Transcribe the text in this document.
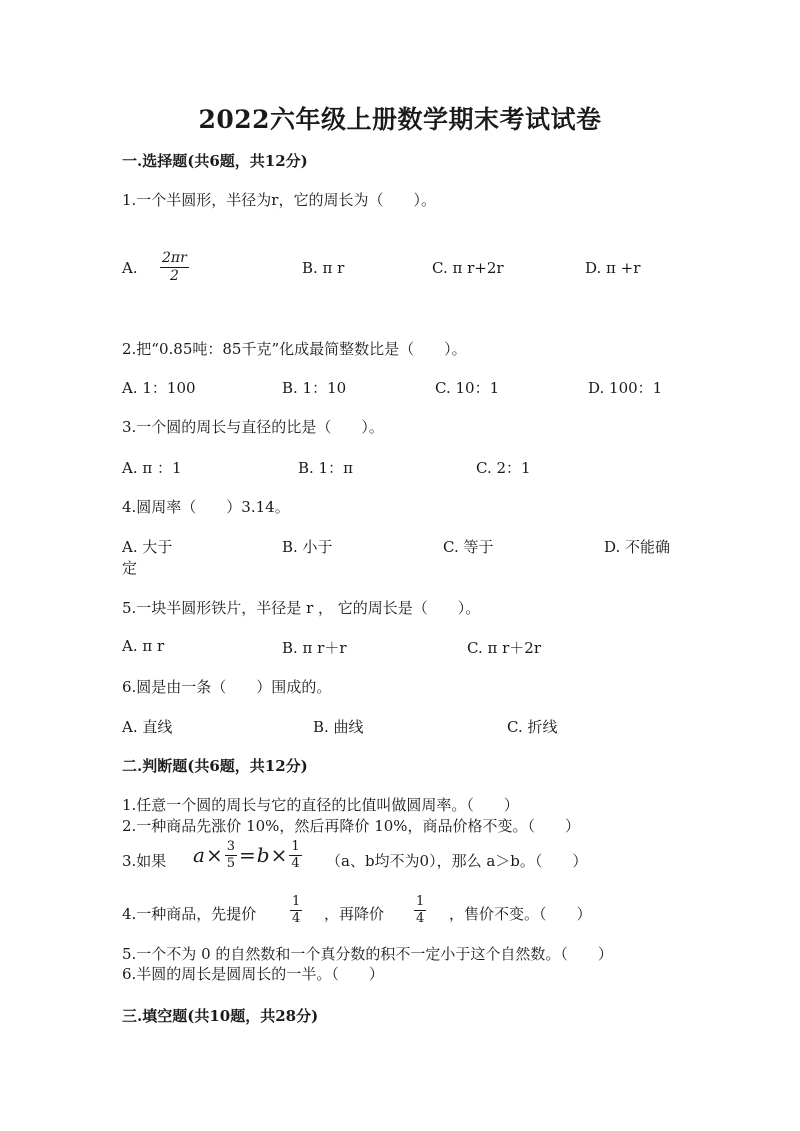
2022六年级上册数学期末考试试卷
一.选择题(共6题，共12分)
1.一个半圆形，半径为r，它的周长为（　　）。
A. $\frac{2\pi r}{2}$	B. π r	C. π r+2r	D. π +r
2.把“0.85吨：85千克”化成最简整数比是（　　）。
A. 1：100	B. 1：10	C. 10：1	D. 100：1
3.一个圆的周长与直径的比是（　　）。
A. π ：1	B. 1：π	C. 2：1
4.圆周率（　　）3.14。
A. 大于	B. 小于	C. 等于	D. 不能确
定
5.一块半圆形铁片，半径是 r ， 它的周长是（　　）。
A. π r	B. π r＋r	C. π r＋2r
6.圆是由一条（　　）围成的。
A. 直线	B. 曲线	C. 折线
二.判断题(共6题，共12分)
1.任意一个圆的周长与它的直径的比值叫做圆周率。（　　）
2.一种商品先涨价 10%，然后再降价 10%，商品价格不变。（　　）
3.如果 $a \times \frac{3}{5} = b \times \frac{1}{4} (a$、b均不为0），那么 a＞b。（　　）
4.一种商品，先提价	$\frac{1}{4}$ ，再降价 $\frac{1}{4}$ ，售价不变。（　　）
5.一个不为 0 的自然数和一个真分数的积不一定小于这个自然数。（　　）
6.半圆的周长是圆周长的一半。（　　）
三.填空题(共10题，共28分)
